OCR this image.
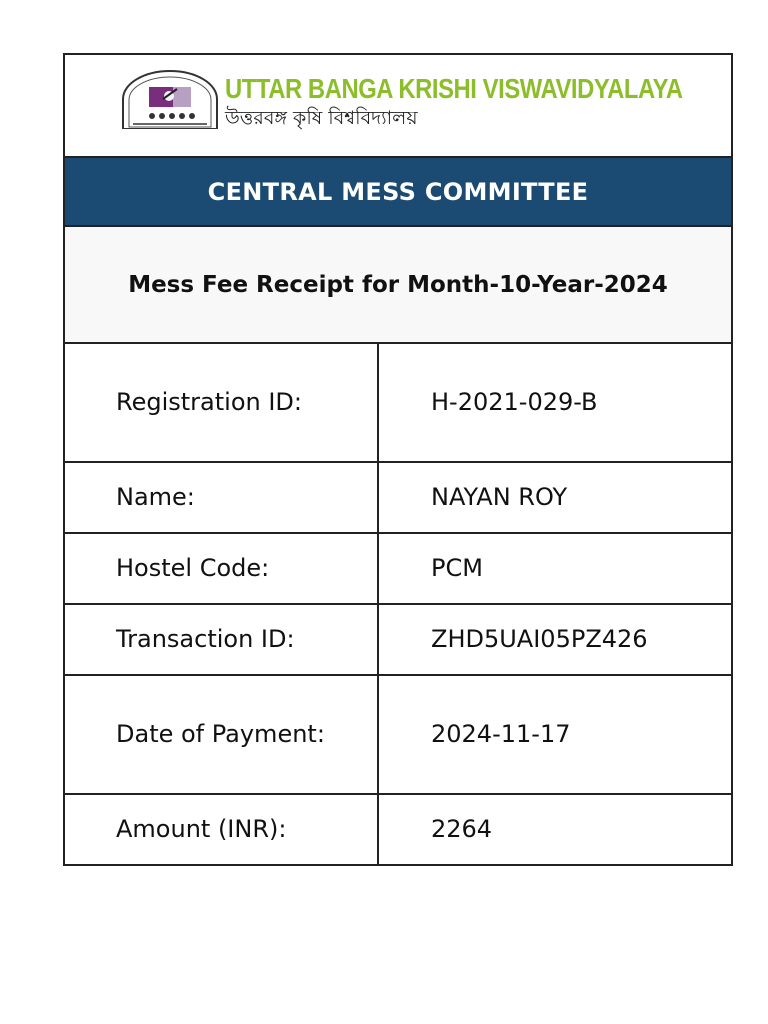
UTTAR BANGA KRISHI VISWAVIDYALAYA
উত্তরবঙ্গ কৃষি বিশ্ববিদ্যালয়
CENTRAL MESS COMMITTEE
Mess Fee Receipt for Month-10-Year-2024
Registration ID:	H-2021-029-B
Name:	NAYAN ROY
Hostel Code:	PCM
Transaction ID:	ZHD5UAI05PZ426
Date of Payment:	2024-11-17
Amount (INR):	2264
